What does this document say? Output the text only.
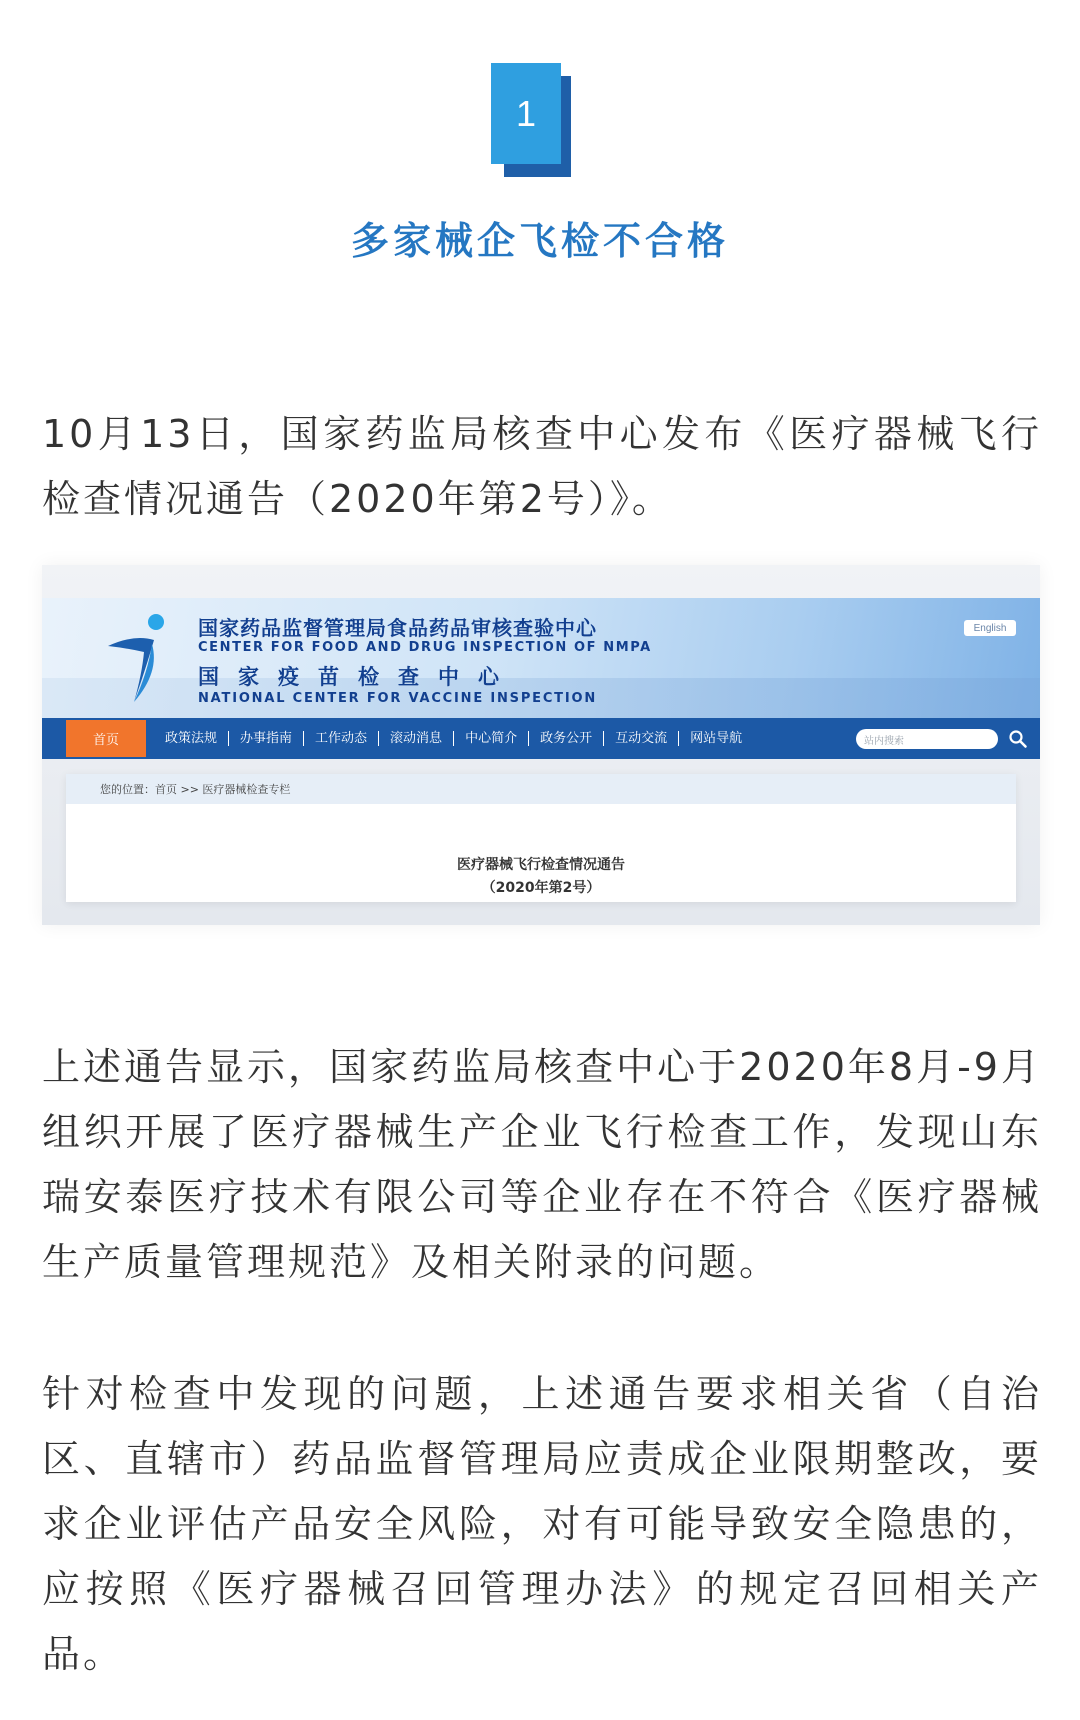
1
多家械企飞检不合格

10月13日，国家药监局核查中心发布《医疗器械飞行检查情况通告（2020年第2号）》。

国家药品监督管理局食品药品审核查验中心
CENTER FOR FOOD AND DRUG INSPECTION OF NMPA
国家疫苗检查中心
NATIONAL CENTER FOR VACCINE INSPECTION
English
首页	政策法规	办事指南	工作动态	滚动消息	中心简介	政务公开	互动交流	网站导航	站内搜索
您的位置：首页 >> 医疗器械检查专栏
医疗器械飞行检查情况通告
（2020年第2号）

上述通告显示，国家药监局核查中心于2020年8月-9月组织开展了医疗器械生产企业飞行检查工作，发现山东瑞安泰医疗技术有限公司等企业存在不符合《医疗器械生产质量管理规范》及相关附录的问题。

针对检查中发现的问题，上述通告要求相关省（自治区、直辖市）药品监督管理局应责成企业限期整改，要求企业评估产品安全风险，对有可能导致安全隐患的，应按照《医疗器械召回管理办法》的规定召回相关产品。
